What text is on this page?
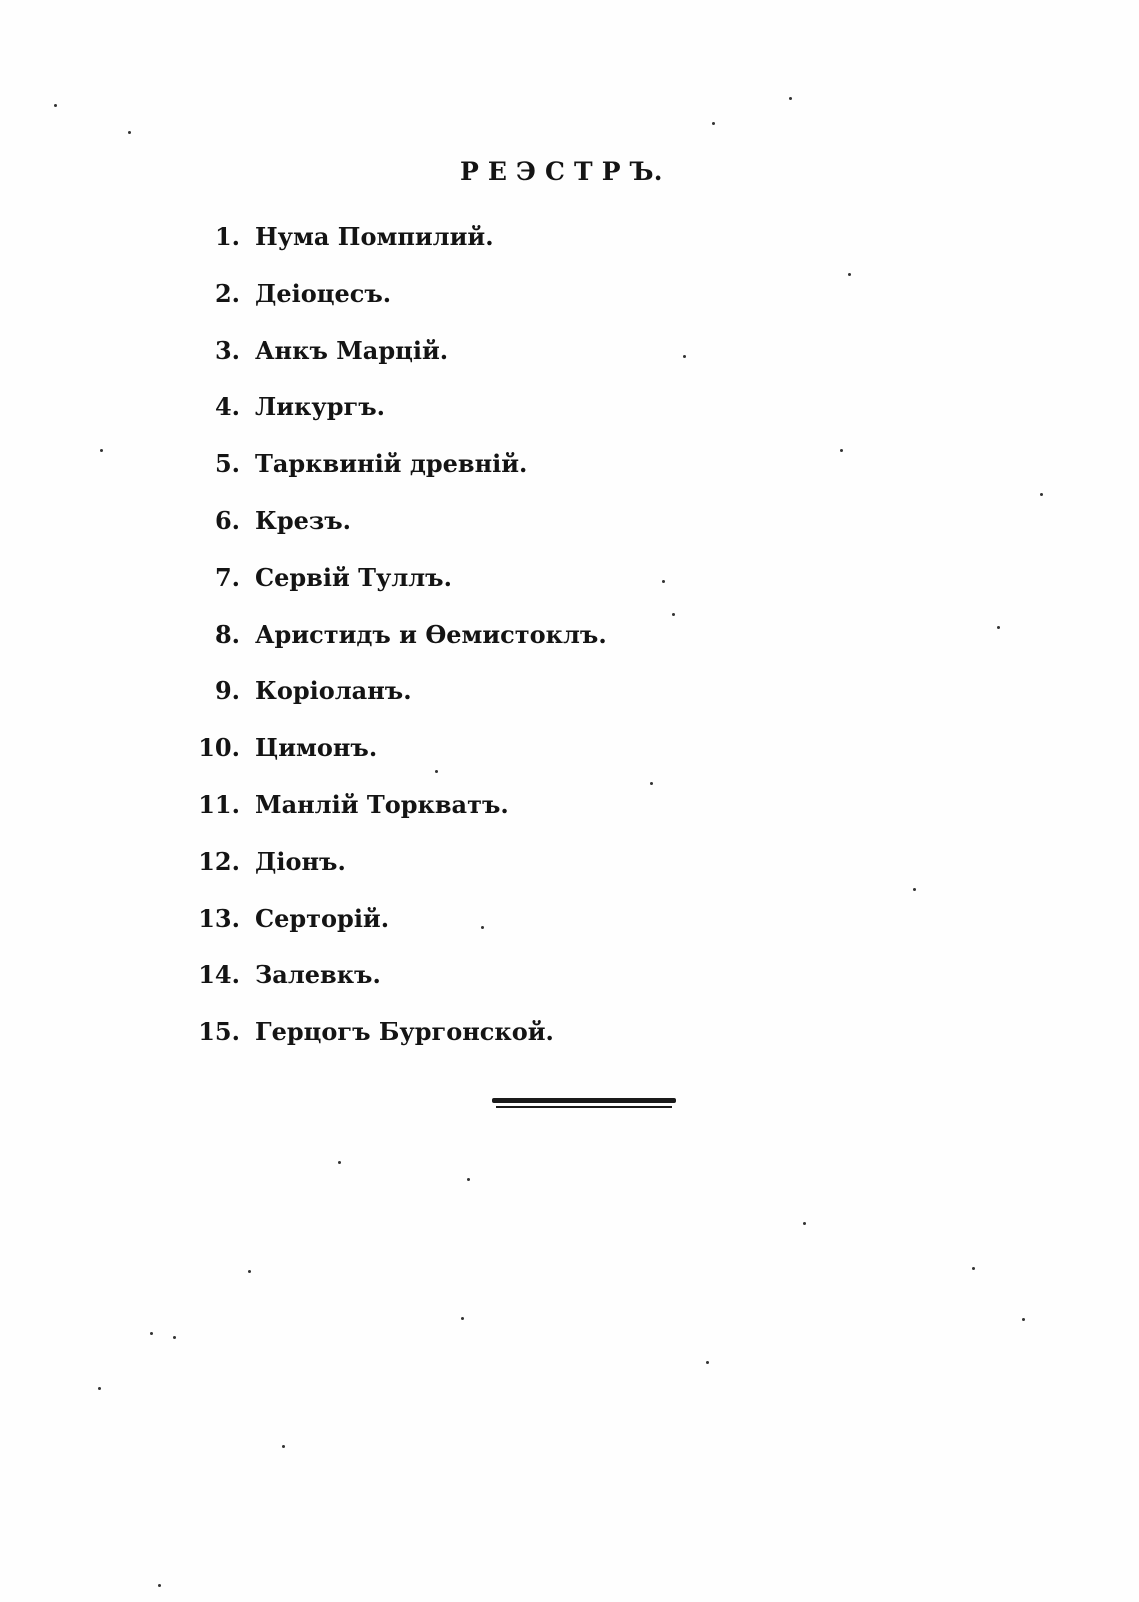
Р Е Э С Т Р Ъ.
1. Нума Помпилий.
2. Деіоцесъ.
3. Анкъ Марцій.
4. Ликургъ.
5. Тарквиній древній.
6. Крезъ.
7. Сервій Туллъ.
8. Аристидъ и Ѳемистоклъ.
9. Коріоланъ.
10. Цимонъ.
11. Манлій Торкватъ.
12. Діонъ.
13. Серторій.
14. Залевкъ.
15. Герцогъ Бургонской.
